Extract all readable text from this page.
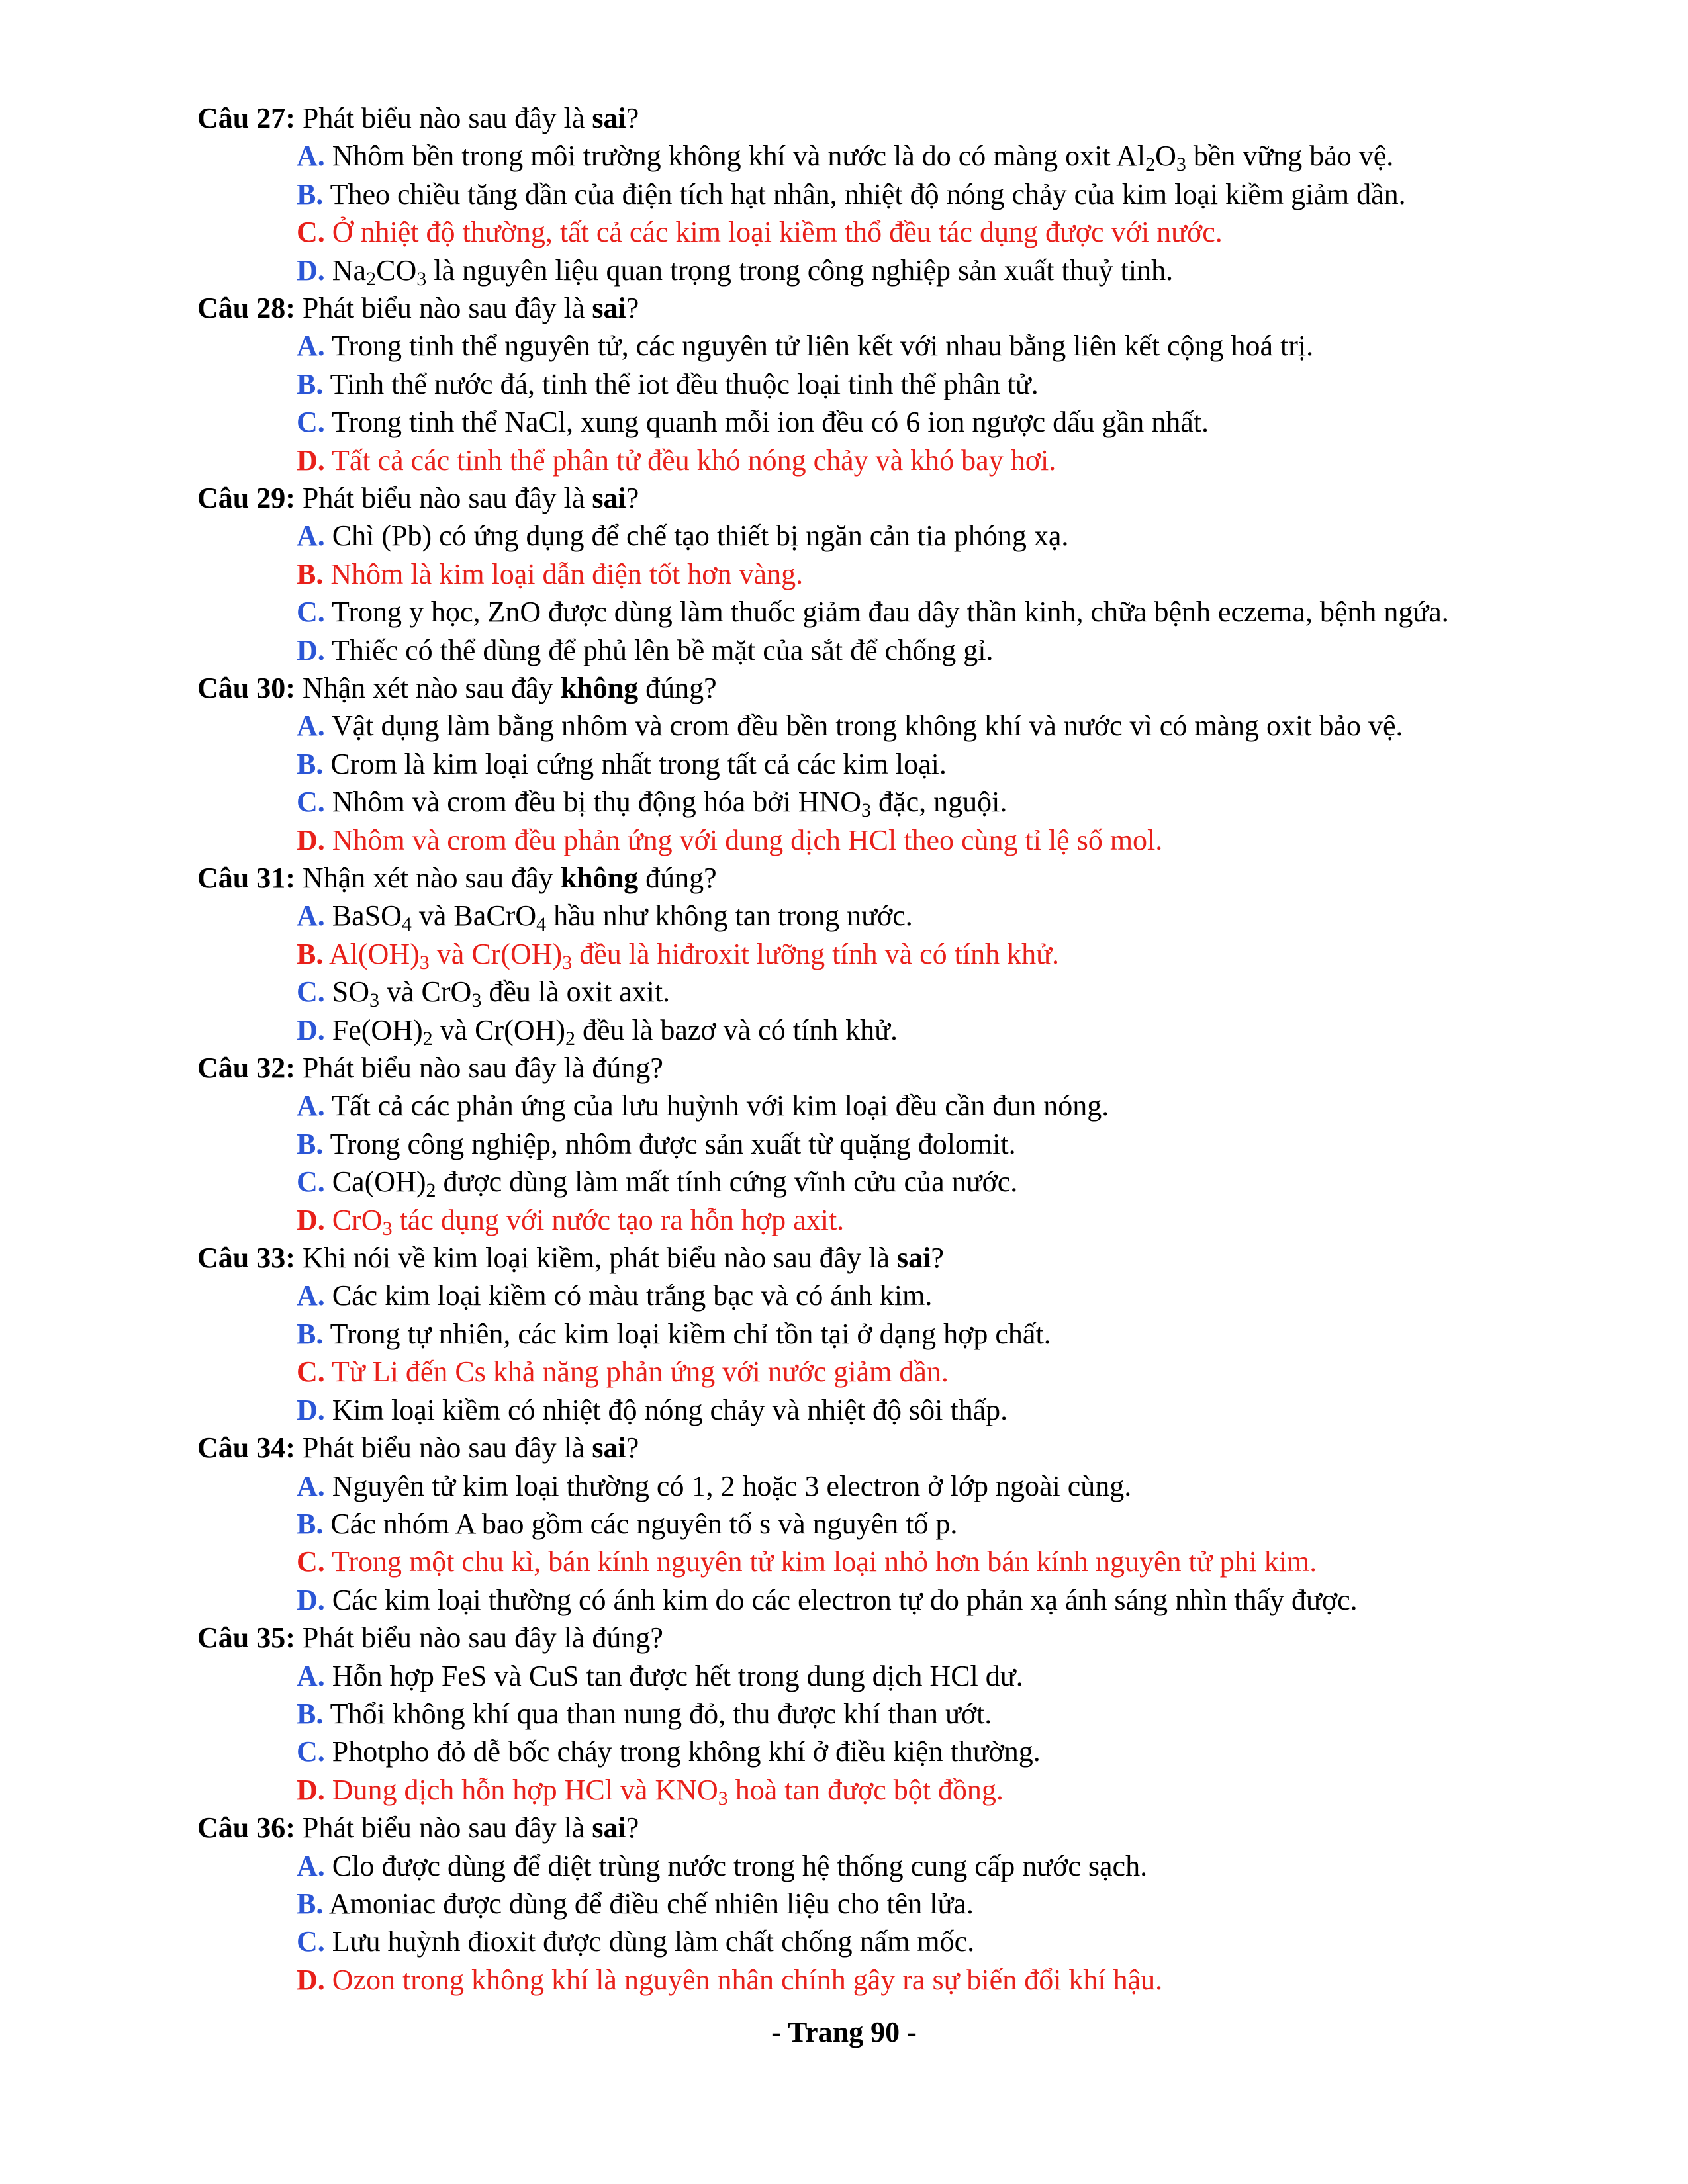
Câu 27: Phát biểu nào sau đây là sai?
A. Nhôm bền trong môi trường không khí và nước là do có màng oxit $Al_2O_3$ bền vững bảo vệ.
B. Theo chiều tăng dần của điện tích hạt nhân, nhiệt độ nóng chảy của kim loại kiềm giảm dần.
C. Ở nhiệt độ thường, tất cả các kim loại kiềm thổ đều tác dụng được với nước.
D. $Na_2CO_3$ là nguyên liệu quan trọng trong công nghiệp sản xuất thuỷ tinh.
Câu 28: Phát biểu nào sau đây là sai?
A. Trong tinh thể nguyên tử, các nguyên tử liên kết với nhau bằng liên kết cộng hoá trị.
B. Tinh thể nước đá, tinh thể iot đều thuộc loại tinh thể phân tử.
C. Trong tinh thể NaCl, xung quanh mỗi ion đều có 6 ion ngược dấu gần nhất.
D. Tất cả các tinh thể phân tử đều khó nóng chảy và khó bay hơi.
Câu 29: Phát biểu nào sau đây là sai?
A. Chì (Pb) có ứng dụng để chế tạo thiết bị ngăn cản tia phóng xạ.
B. Nhôm là kim loại dẫn điện tốt hơn vàng.
C. Trong y học, ZnO được dùng làm thuốc giảm đau dây thần kinh, chữa bệnh eczema, bệnh ngứa.
D. Thiếc có thể dùng để phủ lên bề mặt của sắt để chống gỉ.
Câu 30: Nhận xét nào sau đây không đúng?
A. Vật dụng làm bằng nhôm và crom đều bền trong không khí và nước vì có màng oxit bảo vệ.
B. Crom là kim loại cứng nhất trong tất cả các kim loại.
C. Nhôm và crom đều bị thụ động hóa bởi $HNO_3$ đặc, nguội.
D. Nhôm và crom đều phản ứng với dung dịch HCl theo cùng tỉ lệ số mol.
Câu 31: Nhận xét nào sau đây không đúng?
A. BaSO$_4$ và BaCrO$_4$ hầu như không tan trong nước.
B. $Al(OH)_3$ và $Cr(OH)_3$ đều là hiđroxit lưỡng tính và có tính khử.
C. $SO_3$ và CrO$_3$ đều là oxit axit.
D. $Fe(OH)_2$ và $Cr(OH)_2$ đều là bazơ và có tính khử.
Câu 32: Phát biểu nào sau đây là đúng?
A. Tất cả các phản ứng của lưu huỳnh với kim loại đều cần đun nóng.
B. Trong công nghiệp, nhôm được sản xuất từ quặng đolomit.
C. $Ca(OH)_2$ được dùng làm mất tính cứng vĩnh cửu của nước.
D. CrO$_3$ tác dụng với nước tạo ra hỗn hợp axit.
Câu 33: Khi nói về kim loại kiềm, phát biểu nào sau đây là sai?
A. Các kim loại kiềm có màu trắng bạc và có ánh kim.
B. Trong tự nhiên, các kim loại kiềm chỉ tồn tại ở dạng hợp chất.
C. Từ Li đến Cs khả năng phản ứng với nước giảm dần.
D. Kim loại kiềm có nhiệt độ nóng chảy và nhiệt độ sôi thấp.
Câu 34: Phát biểu nào sau đây là sai?
A. Nguyên tử kim loại thường có 1, 2 hoặc 3 electron ở lớp ngoài cùng.
B. Các nhóm A bao gồm các nguyên tố s và nguyên tố p.
C. Trong một chu kì, bán kính nguyên tử kim loại nhỏ hơn bán kính nguyên tử phi kim.
D. Các kim loại thường có ánh kim do các electron tự do phản xạ ánh sáng nhìn thấy được.
Câu 35: Phát biểu nào sau đây là đúng?
A. Hỗn hợp FeS và CuS tan được hết trong dung dịch HCl dư.
B. Thổi không khí qua than nung đỏ, thu được khí than ướt.
C. Photpho đỏ dễ bốc cháy trong không khí ở điều kiện thường.
D. Dung dịch hỗn hợp HCl và $KNO_3$ hoà tan được bột đồng.
Câu 36: Phát biểu nào sau đây là sai?
A. Clo được dùng để diệt trùng nước trong hệ thống cung cấp nước sạch.
B. Amoniac được dùng để điều chế nhiên liệu cho tên lửa.
C. Lưu huỳnh đioxit được dùng làm chất chống nấm mốc.
D. Ozon trong không khí là nguyên nhân chính gây ra sự biến đổi khí hậu.
- Trang 90 -
